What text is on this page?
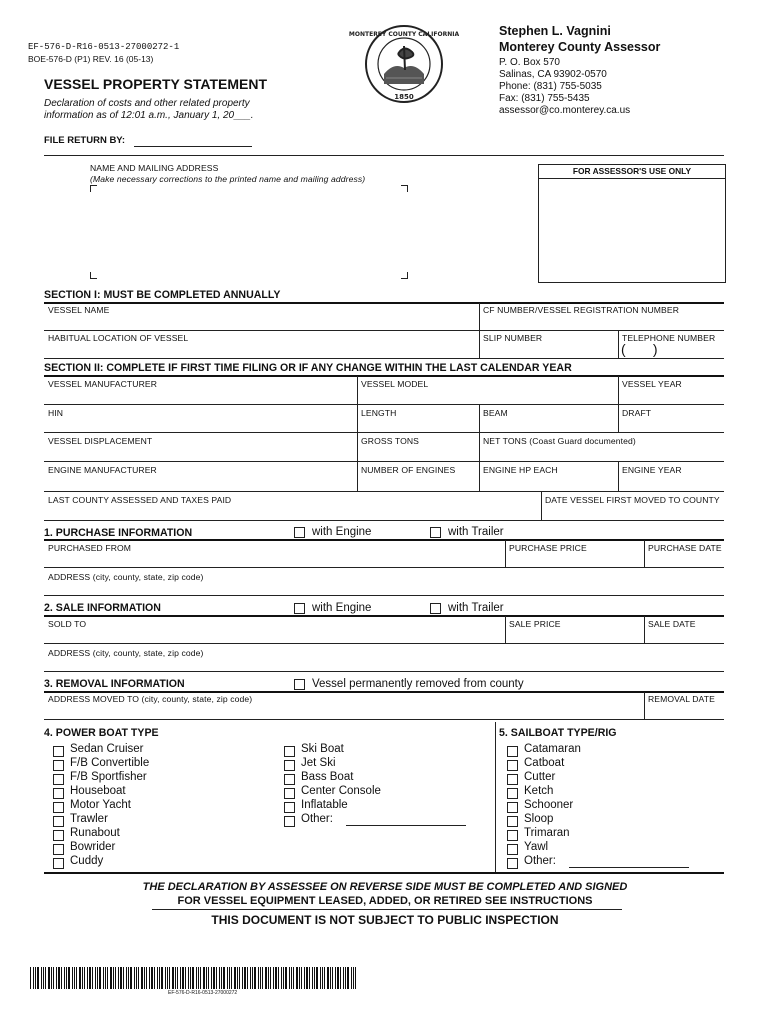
EF-576-D-R16-0513-27000272-1
BOE-576-D (P1) REV. 16 (05-13)
VESSEL PROPERTY STATEMENT
Declaration of costs and other related property
information as of 12:01 a.m., January 1, 20___.
FILE RETURN BY:
MONTEREY COUNTY CALIFORNIA
1850
Stephen L. Vagnini
Monterey County Assessor
P. O. Box 570
Salinas, CA 93902-0570
Phone: (831) 755-5035
Fax: (831) 755-5435
assessor@co.monterey.ca.us
NAME AND MAILING ADDRESS
(Make necessary corrections to the printed name and mailing address)
FOR ASSESSOR'S USE ONLY
SECTION I: MUST BE COMPLETED ANNUALLY
VESSEL NAME	CF NUMBER/VESSEL REGISTRATION NUMBER
HABITUAL LOCATION OF VESSEL	SLIP NUMBER	TELEPHONE NUMBER
(       )
SECTION II: COMPLETE IF FIRST TIME FILING OR IF ANY CHANGE WITHIN THE LAST CALENDAR YEAR
VESSEL MANUFACTURER	VESSEL MODEL	VESSEL YEAR
HIN	LENGTH	BEAM	DRAFT
VESSEL DISPLACEMENT	GROSS TONS	NET TONS (Coast Guard documented)
ENGINE MANUFACTURER	NUMBER OF ENGINES	ENGINE HP EACH	ENGINE YEAR
LAST COUNTY ASSESSED AND TAXES PAID	DATE VESSEL FIRST MOVED TO COUNTY
1. PURCHASE INFORMATION	with Engine	with Trailer
PURCHASED FROM	PURCHASE PRICE	PURCHASE DATE
ADDRESS (city, county, state, zip code)
2. SALE INFORMATION	with Engine	with Trailer
SOLD TO	SALE PRICE	SALE DATE
ADDRESS (city, county, state, zip code)
3. REMOVAL INFORMATION	Vessel permanently removed from county
ADDRESS MOVED TO (city, county, state, zip code)	REMOVAL DATE
4. POWER BOAT TYPE	5. SAILBOAT TYPE/RIG
Sedan Cruiser
F/B Convertible
F/B Sportfisher
Houseboat
Motor Yacht
Trawler
Runabout
Bowrider
Cuddy
Ski Boat
Jet Ski
Bass Boat
Center Console
Inflatable
Other:
Catamaran
Catboat
Cutter
Ketch
Schooner
Sloop
Trimaran
Yawl
Other:
THE DECLARATION BY ASSESSEE ON REVERSE SIDE MUST BE COMPLETED AND SIGNED
FOR VESSEL EQUIPMENT LEASED, ADDED, OR RETIRED SEE INSTRUCTIONS
THIS DOCUMENT IS NOT SUBJECT TO PUBLIC INSPECTION
EF-576-D-R16-0513-27000272
